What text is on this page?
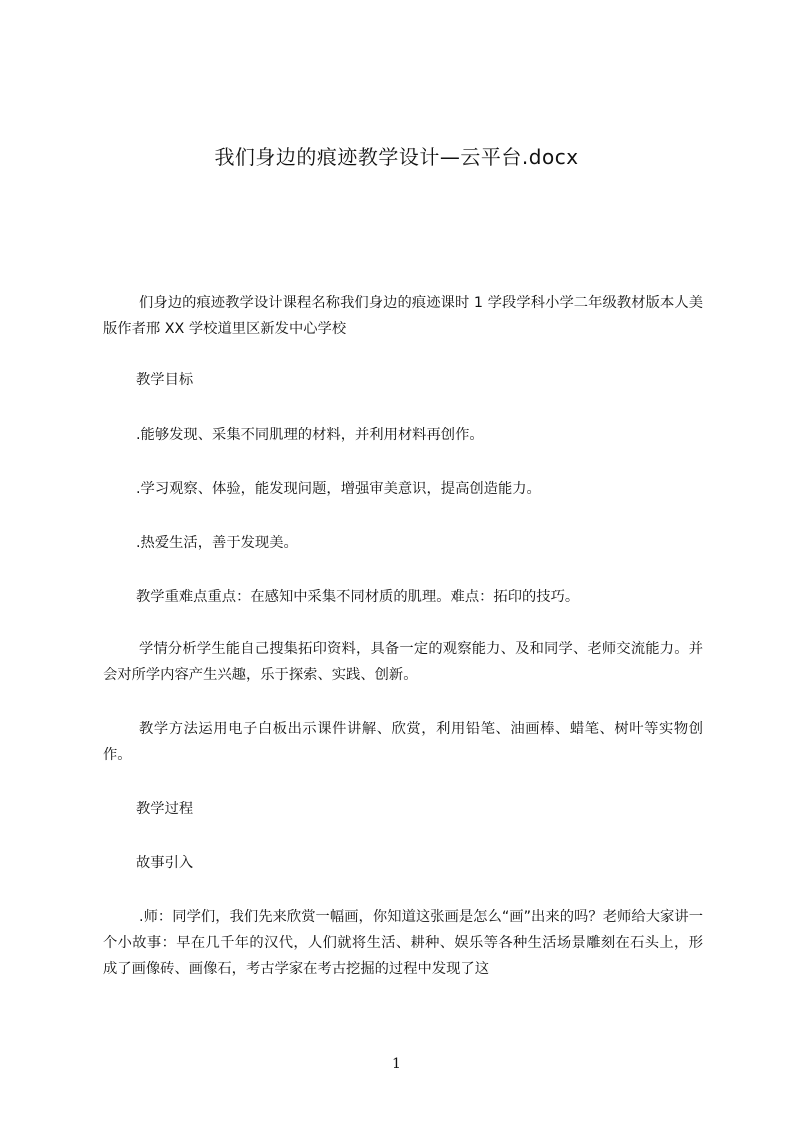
我们身边的痕迹教学设计—云平台.docx
们身边的痕迹教学设计课程名称我们身边的痕迹课时 1 学段学科小学二年级教材版本人美版作者邢 XX 学校道里区新发中心学校
教学目标
.能够发现、采集不同肌理的材料，并利用材料再创作。
.学习观察、体验，能发现问题，增强审美意识，提高创造能力。
.热爱生活，善于发现美。
教学重难点重点：在感知中采集不同材质的肌理。难点：拓印的技巧。
学情分析学生能自己搜集拓印资料，具备一定的观察能力、及和同学、老师交流能力。并会对所学内容产生兴趣，乐于探索、实践、创新。
教学方法运用电子白板出示课件讲解、欣赏，利用铅笔、油画棒、蜡笔、树叶等实物创作。
教学过程
故事引入
.师：同学们，我们先来欣赏一幅画，你知道这张画是怎么“画”出来的吗？老师给大家讲一个小故事：早在几千年的汉代，人们就将生活、耕种、娱乐等各种生活场景雕刻在石头上，形成了画像砖、画像石，考古学家在考古挖掘的过程中发现了这
1
